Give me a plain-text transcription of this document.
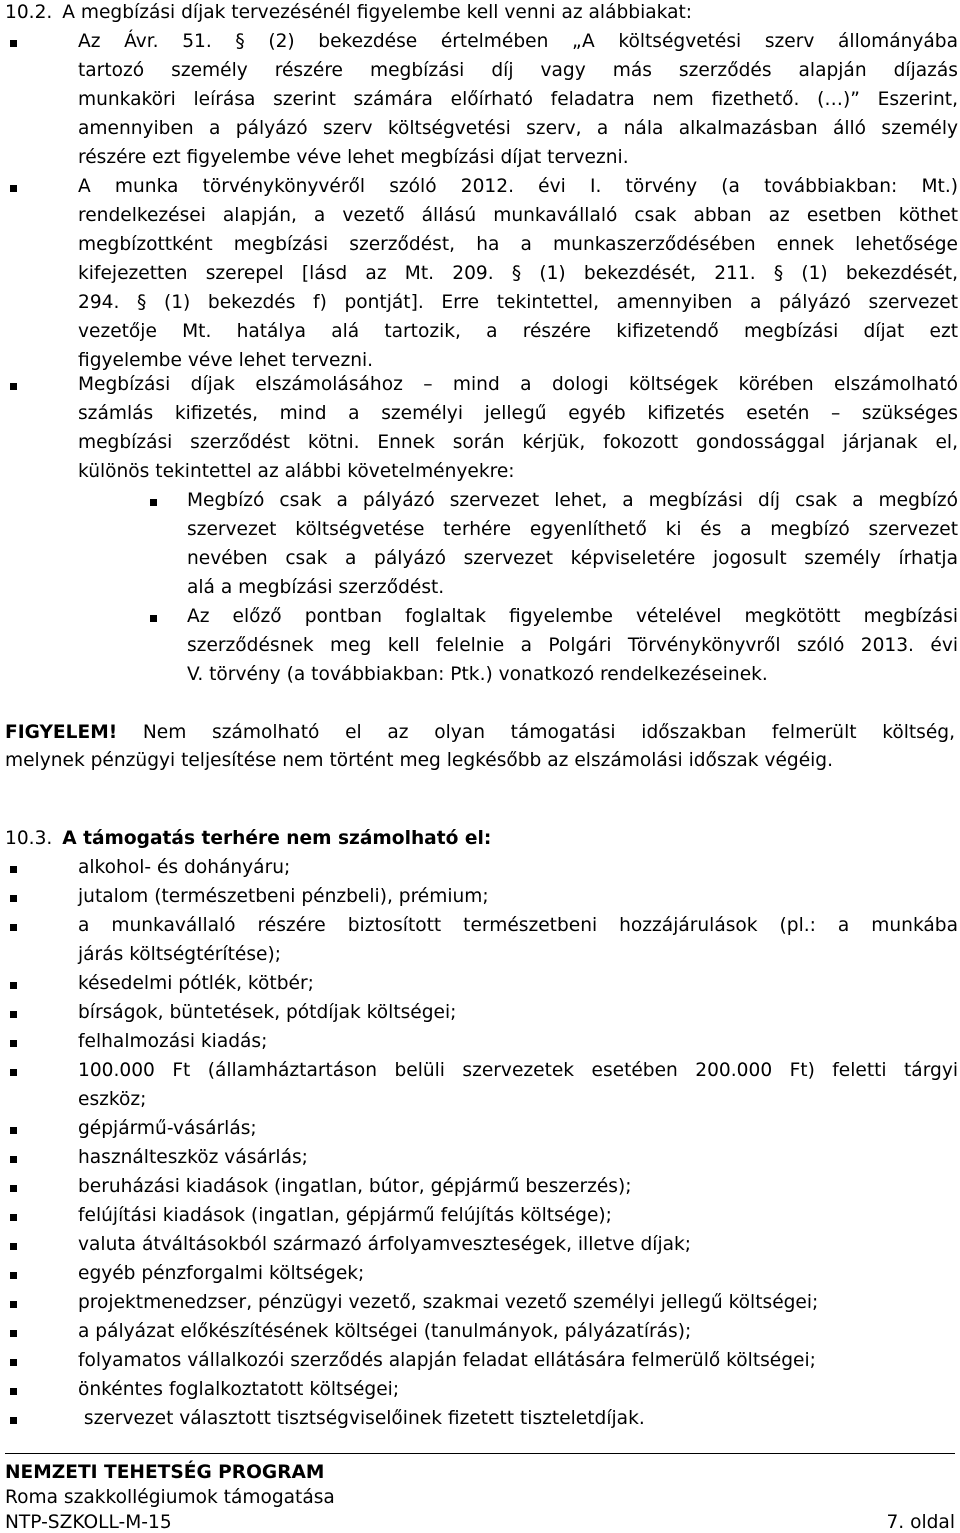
10.2. A megbízási díjak tervezésénél figyelembe kell venni az alábbiakat:
Az Ávr. 51. § (2) bekezdése értelmében „A költségvetési szerv állományába
tartozó személy részére megbízási díj vagy más szerződés alapján díjazás
munkaköri leírása szerint számára előírható feladatra nem fizethető. (…)” Eszerint,
amennyiben a pályázó szerv költségvetési szerv, a nála alkalmazásban álló személy
részére ezt figyelembe véve lehet megbízási díjat tervezni.
A munka törvénykönyvéről szóló 2012. évi I. törvény (a továbbiakban: Mt.)
rendelkezései alapján, a vezető állású munkavállaló csak abban az esetben köthet
megbízottként megbízási szerződést, ha a munkaszerződésében ennek lehetősége
kifejezetten szerepel [lásd az Mt. 209. § (1) bekezdését, 211. § (1) bekezdését,
294. § (1) bekezdés f) pontját]. Erre tekintettel, amennyiben a pályázó szervezet
vezetője Mt. hatálya alá tartozik, a részére kifizetendő megbízási díjat ezt
figyelembe véve lehet tervezni.
Megbízási díjak elszámolásához – mind a dologi költségek körében elszámolható
számlás kifizetés, mind a személyi jellegű egyéb kifizetés esetén – szükséges
megbízási szerződést kötni. Ennek során kérjük, fokozott gondossággal járjanak el,
különös tekintettel az alábbi követelményekre:
Megbízó csak a pályázó szervezet lehet, a megbízási díj csak a megbízó
szervezet költségvetése terhére egyenlíthető ki és a megbízó szervezet
nevében csak a pályázó szervezet képviseletére jogosult személy írhatja
alá a megbízási szerződést.
Az előző pontban foglaltak figyelembe vételével megkötött megbízási
szerződésnek meg kell felelnie a Polgári Törvénykönyvről szóló 2013. évi
V. törvény (a továbbiakban: Ptk.) vonatkozó rendelkezéseinek.
FIGYELEM! Nem számolható el az olyan támogatási időszakban felmerült költség,
melynek pénzügyi teljesítése nem történt meg legkésőbb az elszámolási időszak végéig.
10.3. A támogatás terhére nem számolható el:
alkohol- és dohányáru;
jutalom (természetbeni pénzbeli), prémium;
a munkavállaló részére biztosított természetbeni hozzájárulások (pl.: a munkába
járás költségtérítése);
késedelmi pótlék, kötbér;
bírságok, büntetések, pótdíjak költségei;
felhalmozási kiadás;
100.000 Ft (államháztartáson belüli szervezetek esetében 200.000 Ft) feletti tárgyi
eszköz;
gépjármű-vásárlás;
használteszköz vásárlás;
beruházási kiadások (ingatlan, bútor, gépjármű beszerzés);
felújítási kiadások (ingatlan, gépjármű felújítás költsége);
valuta átváltásokból származó árfolyamveszteségek, illetve díjak;
egyéb pénzforgalmi költségek;
projektmenedzser, pénzügyi vezető, szakmai vezető személyi jellegű költségei;
a pályázat előkészítésének költségei (tanulmányok, pályázatírás);
folyamatos vállalkozói szerződés alapján feladat ellátására felmerülő költségei;
önkéntes foglalkoztatott költségei;
szervezet választott tisztségviselőinek fizetett tiszteletdíjak.
NEMZETI TEHETSÉG PROGRAM
Roma szakkollégiumok támogatása
NTP-SZKOLL-M-15	7. oldal
